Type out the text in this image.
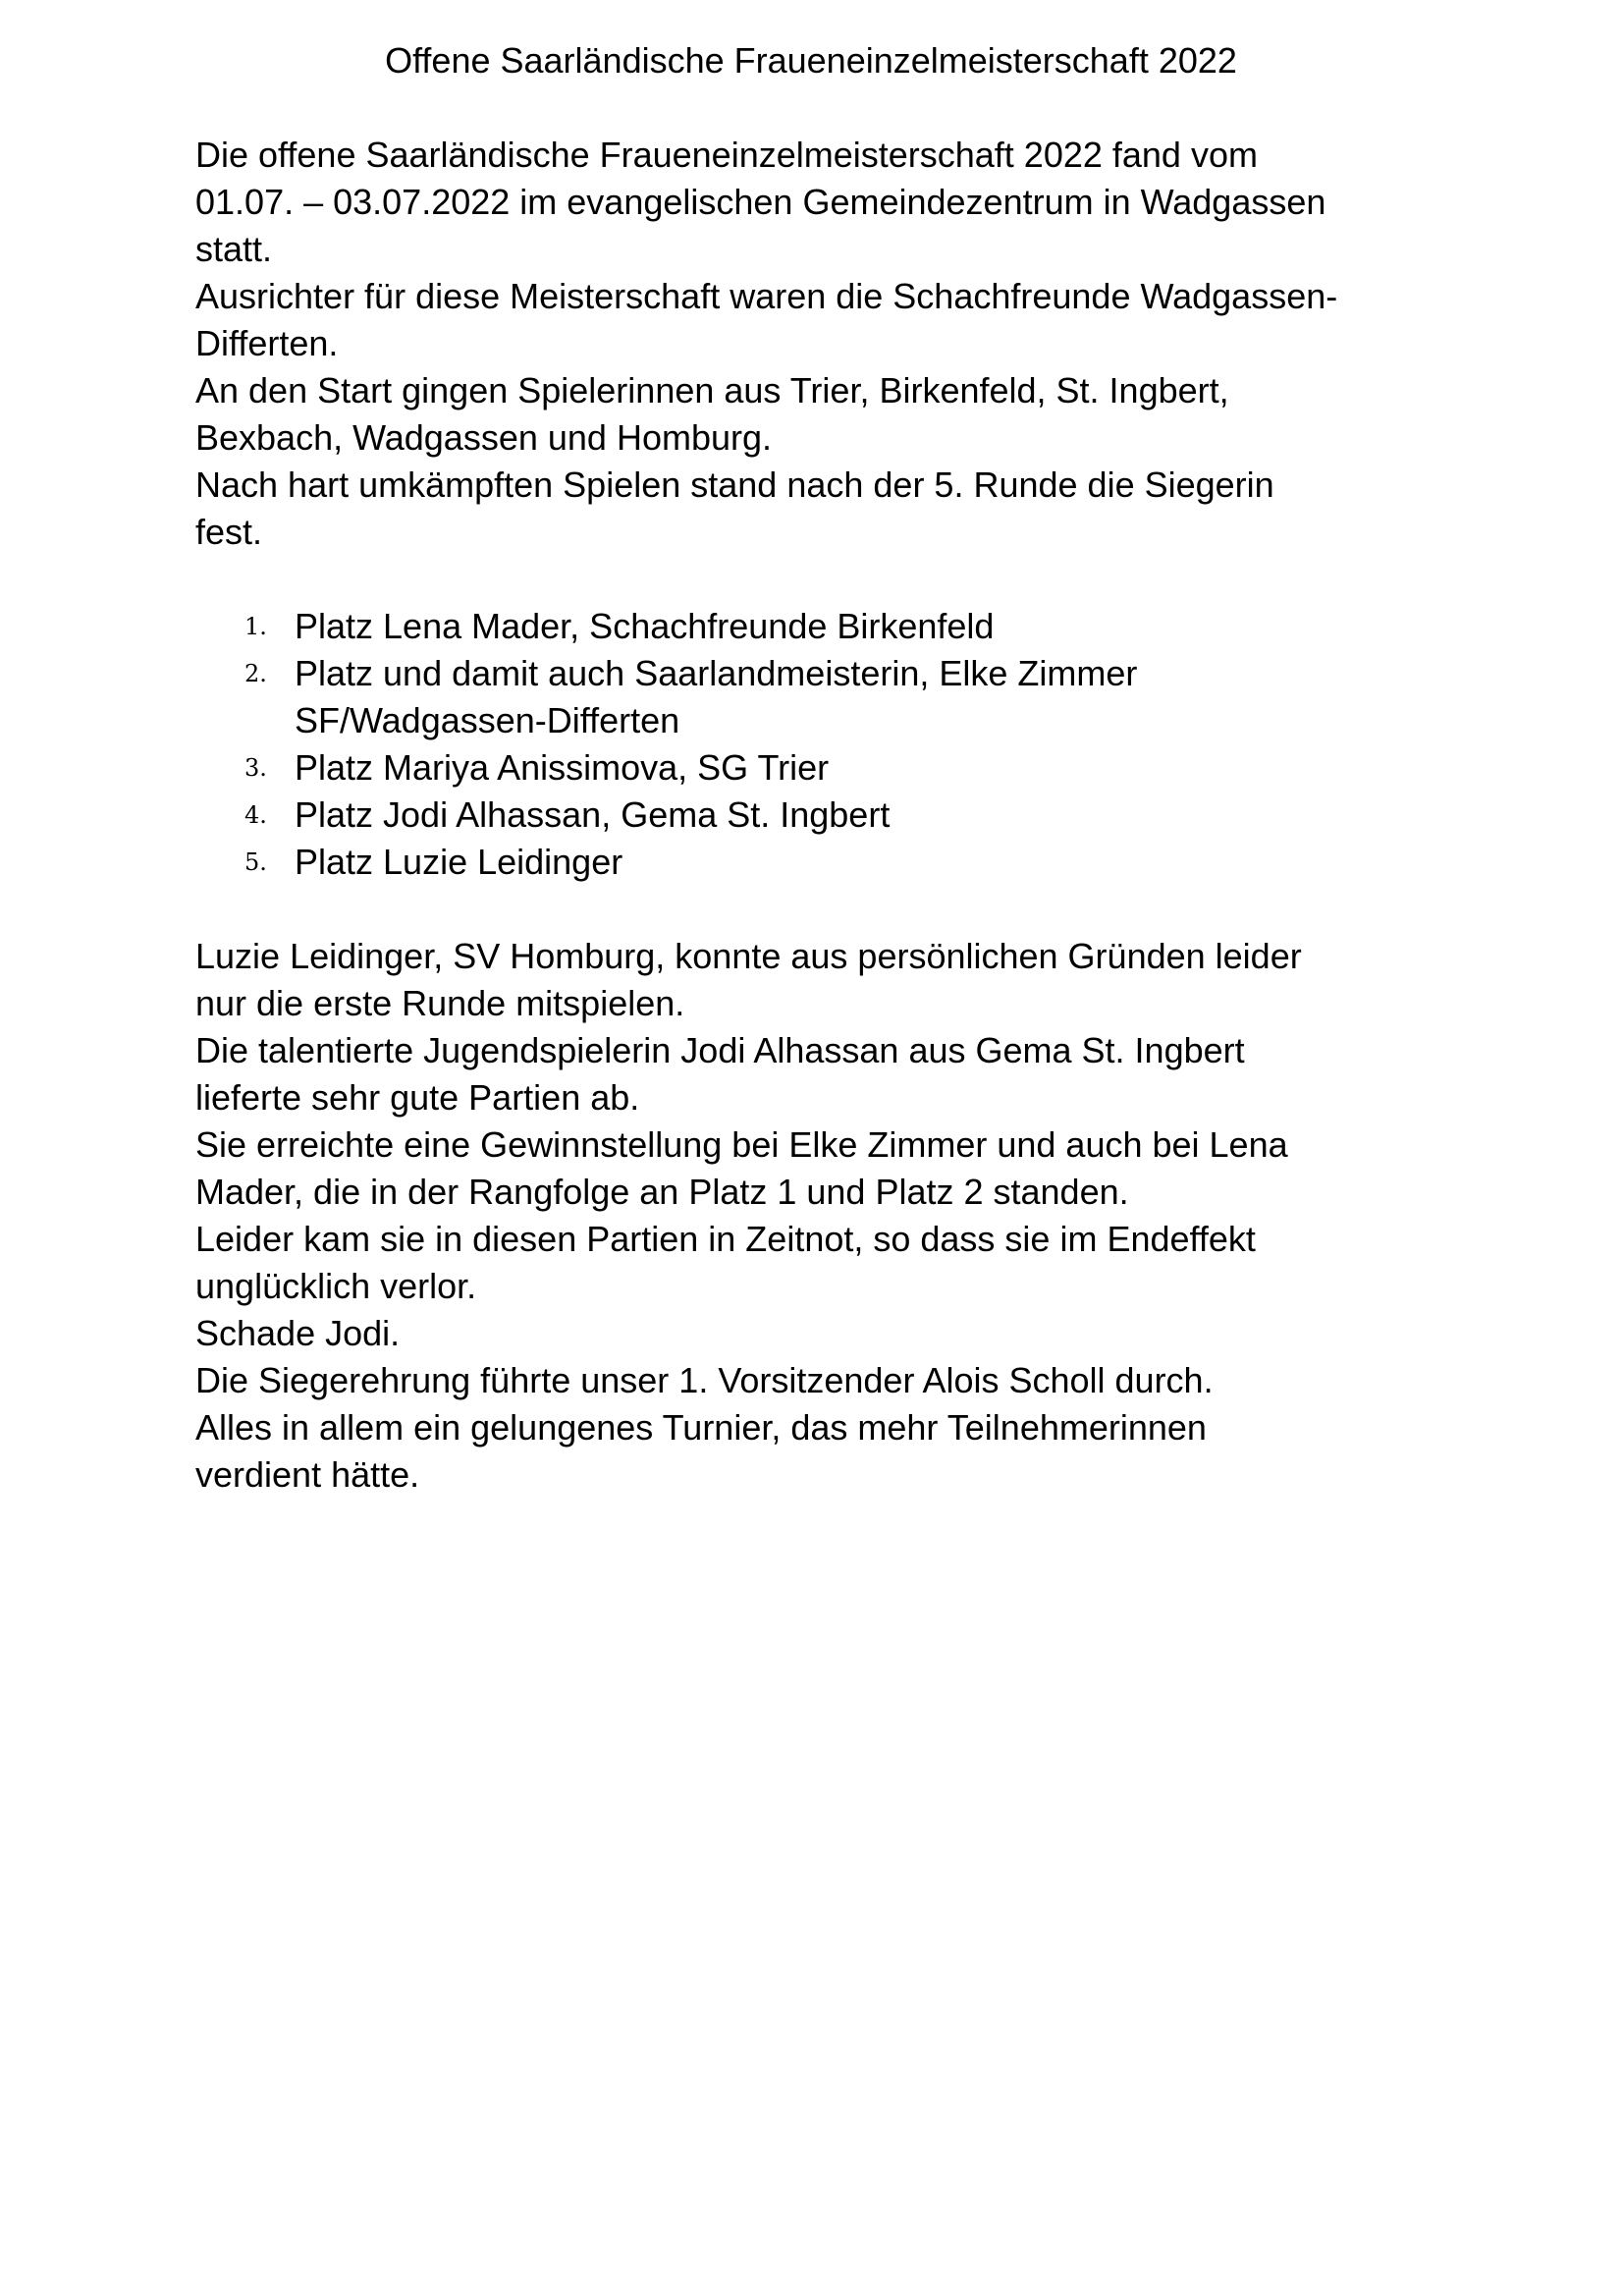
Offene Saarländische Fraueneinzelmeisterschaft 2022

Die offene Saarländische Fraueneinzelmeisterschaft 2022 fand vom
01.07. – 03.07.2022 im evangelischen Gemeindezentrum in Wadgassen
statt.
Ausrichter für diese Meisterschaft waren die Schachfreunde Wadgassen-
Differten.
An den Start gingen Spielerinnen aus Trier, Birkenfeld, St. Ingbert,
Bexbach, Wadgassen und Homburg.
Nach hart umkämpften Spielen stand nach der 5. Runde die Siegerin
fest.

1. Platz Lena Mader, Schachfreunde Birkenfeld
2. Platz und damit auch Saarlandmeisterin, Elke Zimmer
SF/Wadgassen-Differten
3. Platz Mariya Anissimova, SG Trier
4. Platz Jodi Alhassan, Gema St. Ingbert
5. Platz Luzie Leidinger

Luzie Leidinger, SV Homburg, konnte aus persönlichen Gründen leider
nur die erste Runde mitspielen.
Die talentierte Jugendspielerin Jodi Alhassan aus Gema St. Ingbert
lieferte sehr gute Partien ab.
Sie erreichte eine Gewinnstellung bei Elke Zimmer und auch bei Lena
Mader, die in der Rangfolge an Platz 1 und Platz 2 standen.
Leider kam sie in diesen Partien in Zeitnot, so dass sie im Endeffekt
unglücklich verlor.
Schade Jodi.
Die Siegerehrung führte unser 1. Vorsitzender Alois Scholl durch.
Alles in allem ein gelungenes Turnier, das mehr Teilnehmerinnen
verdient hätte.
